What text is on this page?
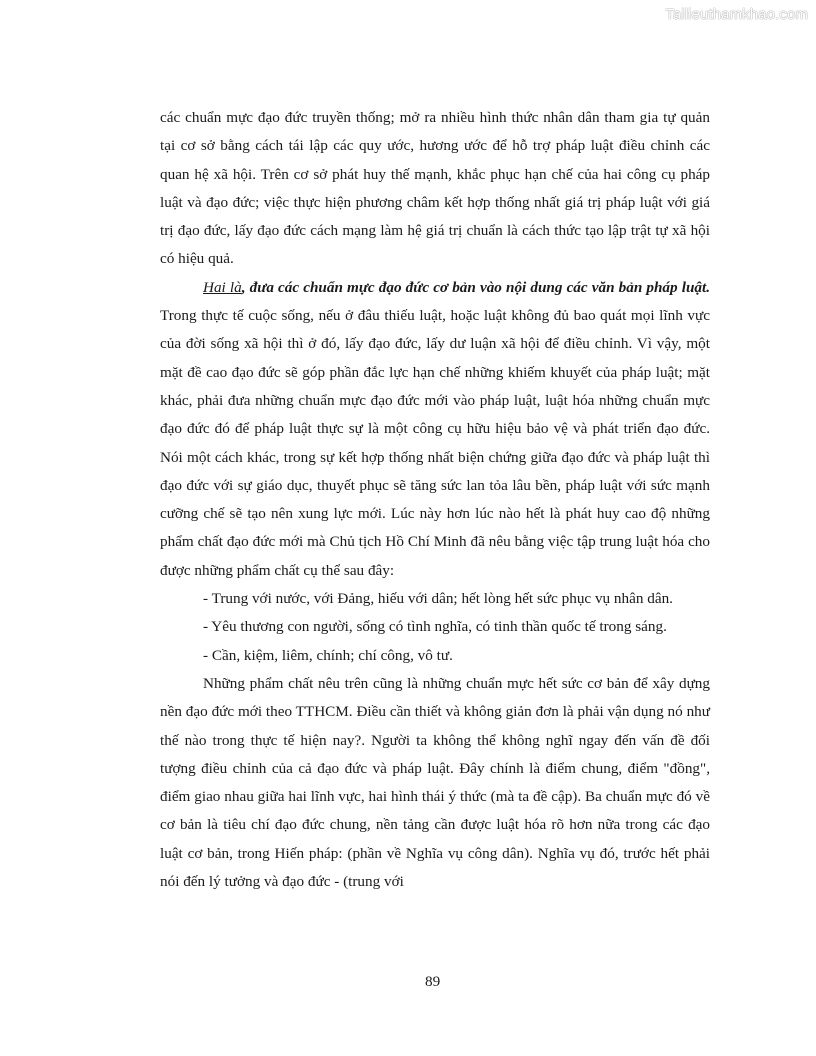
Tailieuthamkhao.com

các chuẩn mực đạo đức truyền thống; mở ra nhiều hình thức nhân dân tham gia tự quản tại cơ sở bằng cách tái lập các quy ước, hương ước để hỗ trợ pháp luật điều chỉnh các quan hệ xã hội. Trên cơ sở phát huy thế mạnh, khắc phục hạn chế của hai công cụ pháp luật và đạo đức; việc thực hiện phương châm kết hợp thống nhất giá trị pháp luật với giá trị đạo đức, lấy đạo đức cách mạng làm hệ giá trị chuẩn là cách thức tạo lập trật tự xã hội có hiệu quả.

Hai là, đưa các chuẩn mực đạo đức cơ bản vào nội dung các văn bản pháp luật. Trong thực tế cuộc sống, nếu ở đâu thiếu luật, hoặc luật không đủ bao quát mọi lĩnh vực của đời sống xã hội thì ở đó, lấy đạo đức, lấy dư luận xã hội để điều chỉnh. Vì vậy, một mặt đề cao đạo đức sẽ góp phần đắc lực hạn chế những khiếm khuyết của pháp luật; mặt khác, phải đưa những chuẩn mực đạo đức mới vào pháp luật, luật hóa những chuẩn mực đạo đức đó để pháp luật thực sự là một công cụ hữu hiệu bảo vệ và phát triển đạo đức. Nói một cách khác, trong sự kết hợp thống nhất biện chứng giữa đạo đức và pháp luật thì đạo đức với sự giáo dục, thuyết phục sẽ tăng sức lan tỏa lâu bền, pháp luật với sức mạnh cưỡng chế sẽ tạo nên xung lực mới. Lúc này hơn lúc nào hết là phát huy cao độ những phẩm chất đạo đức mới mà Chủ tịch Hồ Chí Minh đã nêu bằng việc tập trung luật hóa cho được những phẩm chất cụ thể sau đây:

- Trung với nước, với Đảng, hiếu với dân; hết lòng hết sức phục vụ nhân dân.

- Yêu thương con người, sống có tình nghĩa, có tinh thần quốc tế trong sáng.

- Cần, kiệm, liêm, chính; chí công, vô tư.

Những phẩm chất nêu trên cũng là những chuẩn mực hết sức cơ bản để xây dựng nền đạo đức mới theo TTHCM. Điều cần thiết và không giản đơn là phải vận dụng nó như thế nào trong thực tế hiện nay?. Người ta không thể không nghĩ ngay đến vấn đề đối tượng điều chỉnh của cả đạo đức và pháp luật. Đây chính là điểm chung, điểm "đồng", điểm giao nhau giữa hai lĩnh vực, hai hình thái ý thức (mà ta đề cập). Ba chuẩn mực đó về cơ bản là tiêu chí đạo đức chung, nền tảng cần được luật hóa rõ hơn nữa trong các đạo luật cơ bản, trong Hiến pháp: (phần về Nghĩa vụ công dân). Nghĩa vụ đó, trước hết phải nói đến lý tưởng và đạo đức - (trung với

89
